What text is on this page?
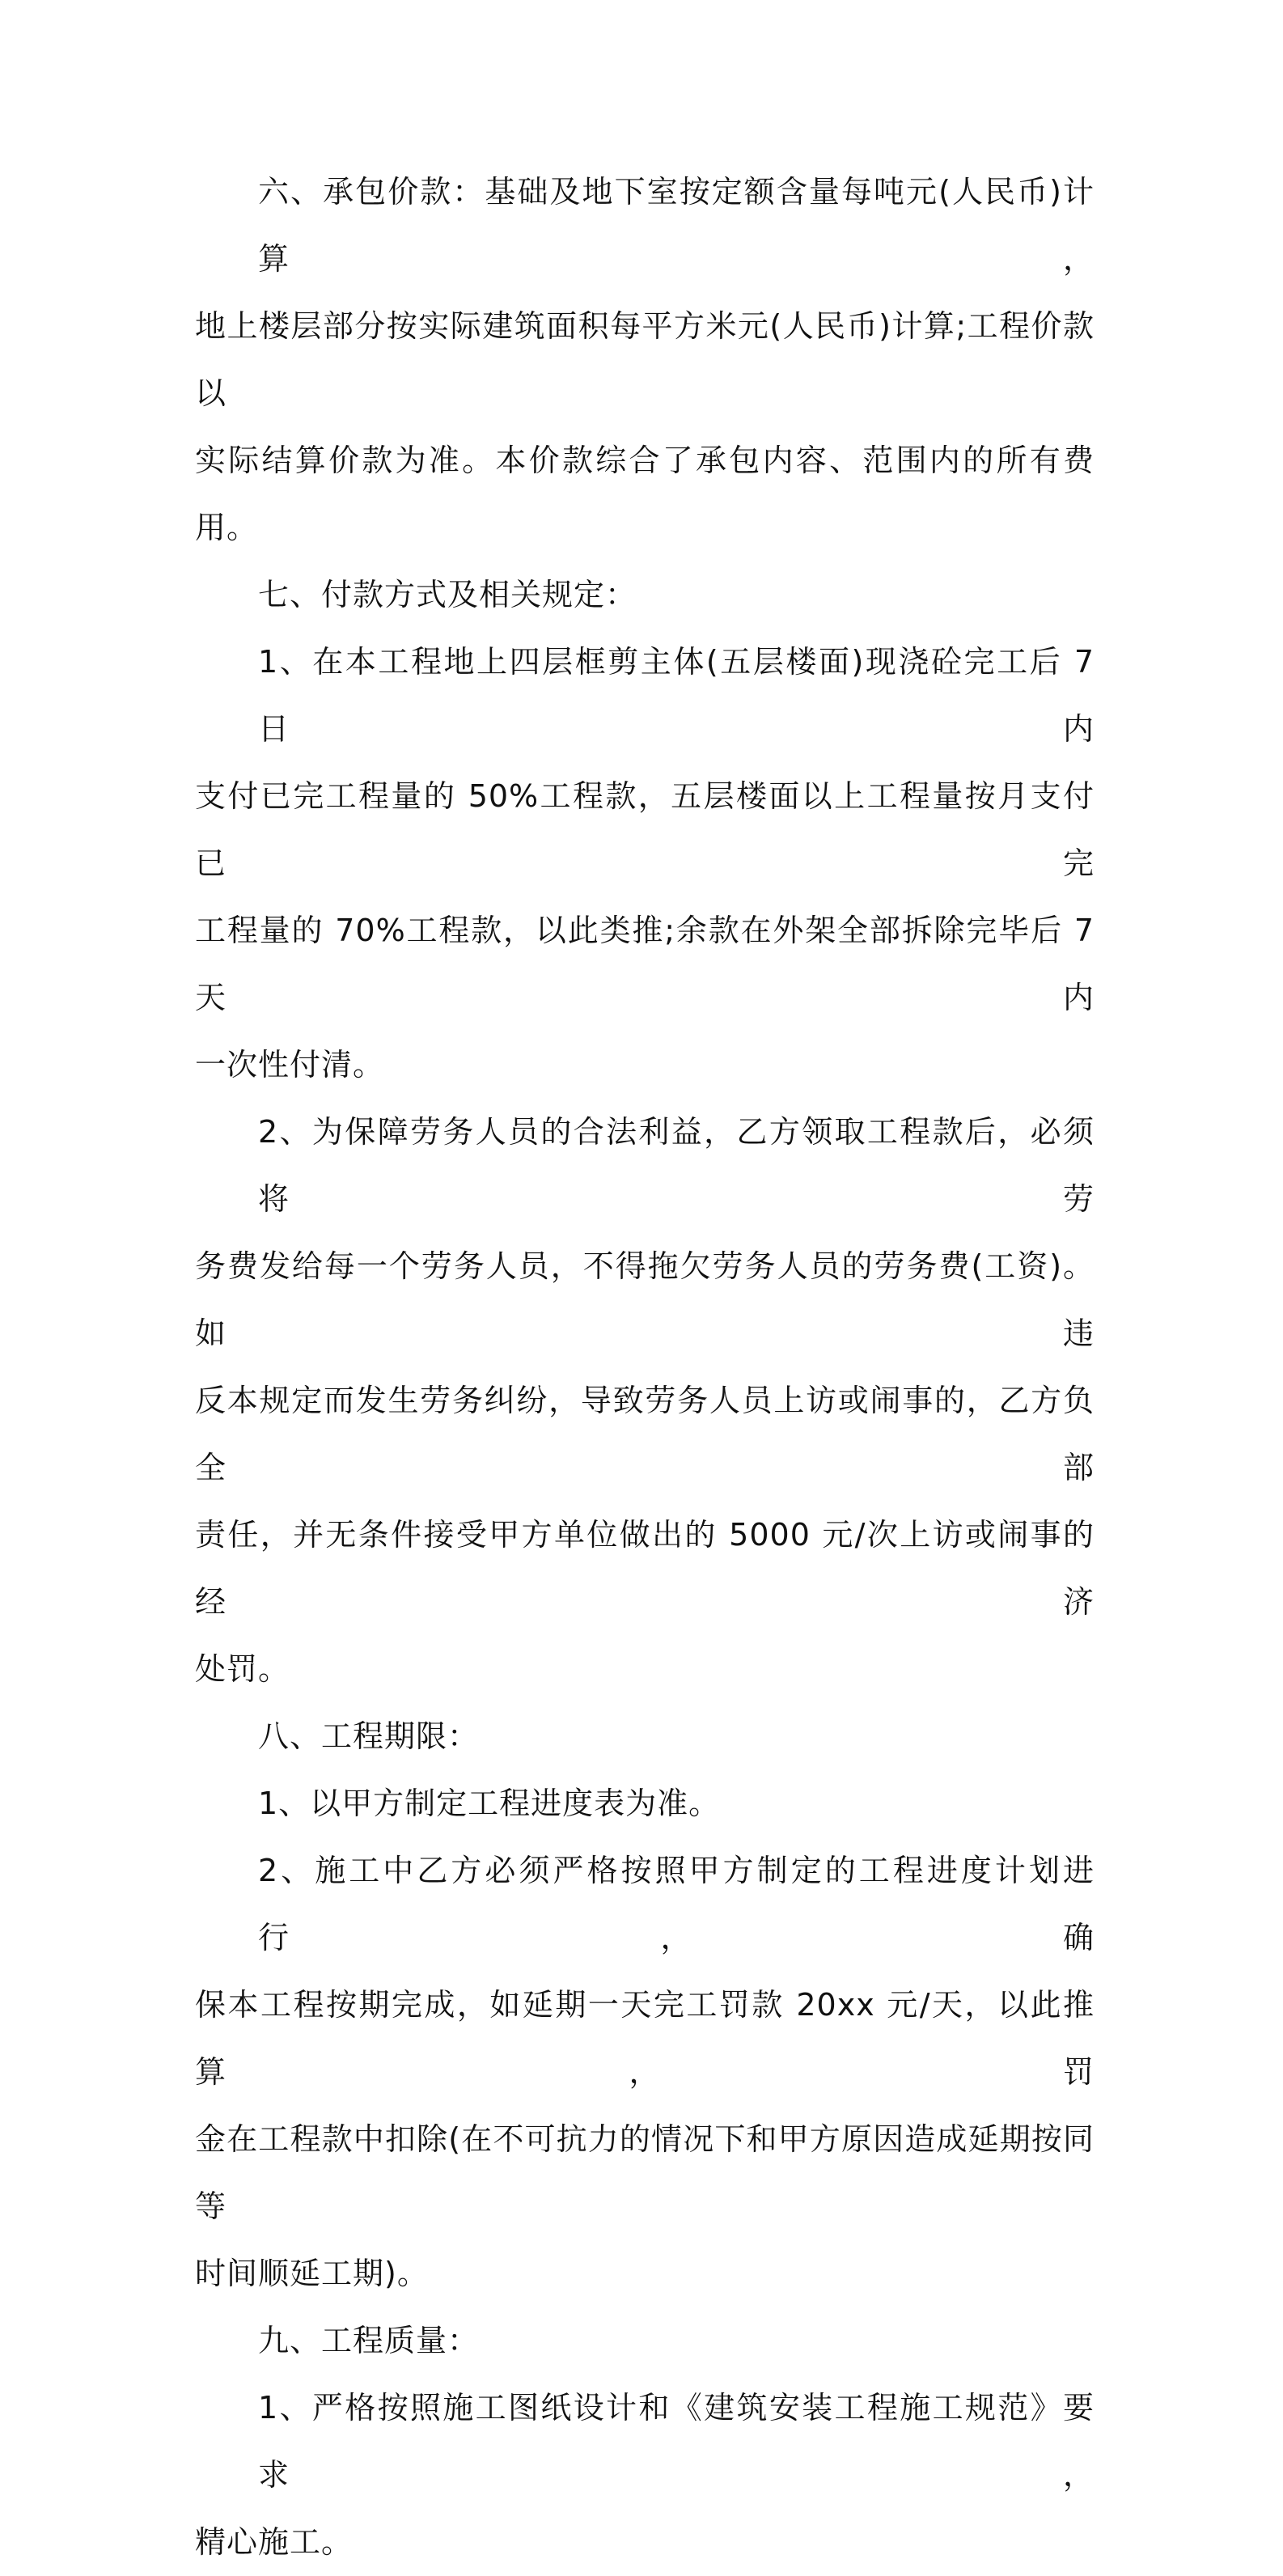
六、承包价款：基础及地下室按定额含量每吨元(人民币)计算，
地上楼层部分按实际建筑面积每平方米元(人民币)计算;工程价款以
实际结算价款为准。本价款综合了承包内容、范围内的所有费用。
七、付款方式及相关规定：
1、在本工程地上四层框剪主体(五层楼面)现浇砼完工后 7 日内
支付已完工程量的 50%工程款，五层楼面以上工程量按月支付已完
工程量的 70%工程款，以此类推;余款在外架全部拆除完毕后 7 天内
一次性付清。
2、为保障劳务人员的合法利益，乙方领取工程款后，必须将劳
务费发给每一个劳务人员，不得拖欠劳务人员的劳务费(工资)。如违
反本规定而发生劳务纠纷，导致劳务人员上访或闹事的，乙方负全部
责任，并无条件接受甲方单位做出的 5000 元/次上访或闹事的经济
处罚。
八、工程期限：
1、以甲方制定工程进度表为准。
2、施工中乙方必须严格按照甲方制定的工程进度计划进行，确
保本工程按期完成，如延期一天完工罚款 20xx 元/天，以此推算，罚
金在工程款中扣除(在不可抗力的情况下和甲方原因造成延期按同等
时间顺延工期)。
九、工程质量：
1、严格按照施工图纸设计和《建筑安装工程施工规范》要求，
精心施工。
